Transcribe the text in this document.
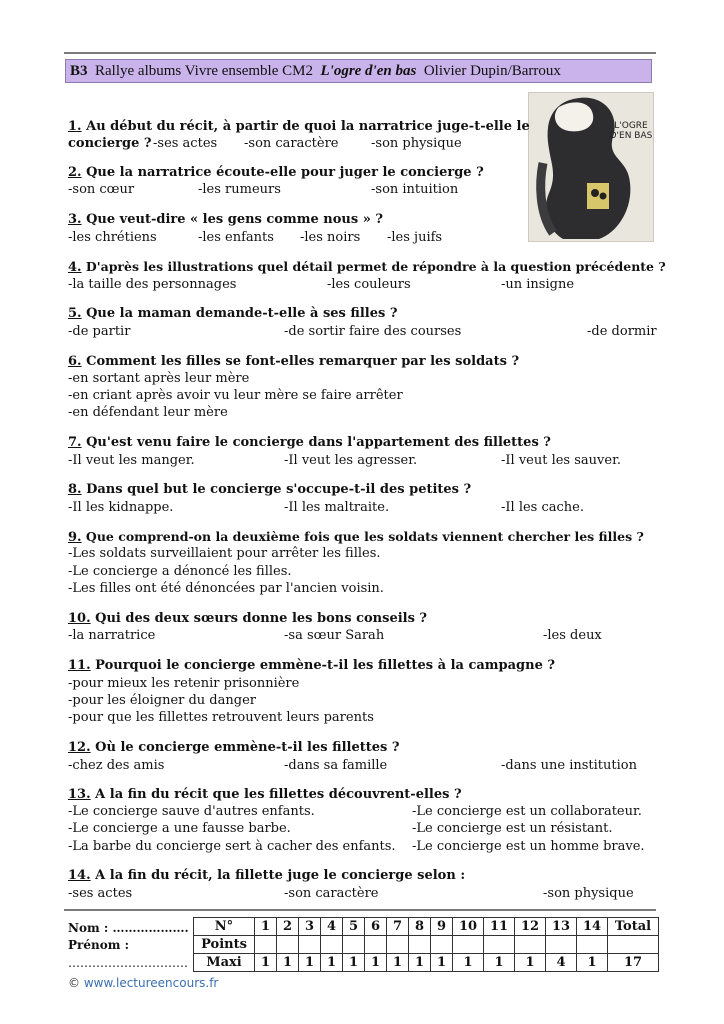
B3 Rallye albums Vivre ensemble CM2 L'ogre d'en bas Olivier Dupin/Barroux
L'OGRE
D'EN BAS
1. Au début du récit, à partir de quoi la narratrice juge-t-elle le
concierge ? -ses actes -son caractère	-son physique
2. Que la narratrice écoute-elle pour juger le concierge ?
-son cœur	-les rumeurs	-son intuition
3. Que veut-dire « les gens comme nous » ?
-les chrétiens	-les enfants -les noirs -les juifs
4. D'après les illustrations quel détail permet de répondre à la question précédente ?
-la taille des personnages	-les couleurs	-un insigne
5. Que la maman demande-t-elle à ses filles ?
-de partir	-de sortir faire des courses	-de dormir
6. Comment les filles se font-elles remarquer par les soldats ?
-en sortant après leur mère
-en criant après avoir vu leur mère se faire arrêter
-en défendant leur mère
7. Qu'est venu faire le concierge dans l'appartement des fillettes ?
-Il veut les manger.	-Il veut les agresser.	-Il veut les sauver.
8. Dans quel but le concierge s'occupe-t-il des petites ?
-Il les kidnappe.	-Il les maltraite.	-Il les cache.
9. Que comprend-on la deuxième fois que les soldats viennent chercher les filles ?
-Les soldats surveillaient pour arrêter les filles.
-Le concierge a dénoncé les filles.
-Les filles ont été dénoncées par l'ancien voisin.
10. Qui des deux sœurs donne les bons conseils ?
-la narratrice	-sa sœur Sarah	-les deux
11. Pourquoi le concierge emmène-t-il les fillettes à la campagne ?
-pour mieux les retenir prisonnière
-pour les éloigner du danger
-pour que les fillettes retrouvent leurs parents
12. Où le concierge emmène-t-il les fillettes ?
-chez des amis	-dans sa famille	-dans une institution
13. A la fin du récit que les fillettes découvrent-elles ?
-Le concierge sauve d'autres enfants.	-Le concierge est un collaborateur.
-Le concierge a une fausse barbe.	-Le concierge est un résistant.
-La barbe du concierge sert à cacher des enfants. -Le concierge est un homme brave.
14. A la fin du récit, la fillette juge le concierge selon :
-ses actes	-son caractère	-son physique
Nom : ……………….
Prénom :
…………………………
N°	1	2	3	4	5	6	7	8	9	10	11	12	13	14	Total
Points															
Maxi	1	1	1	1	1	1	1	1	1	1	1	1	4	1	17
© www.lectureencours.fr
